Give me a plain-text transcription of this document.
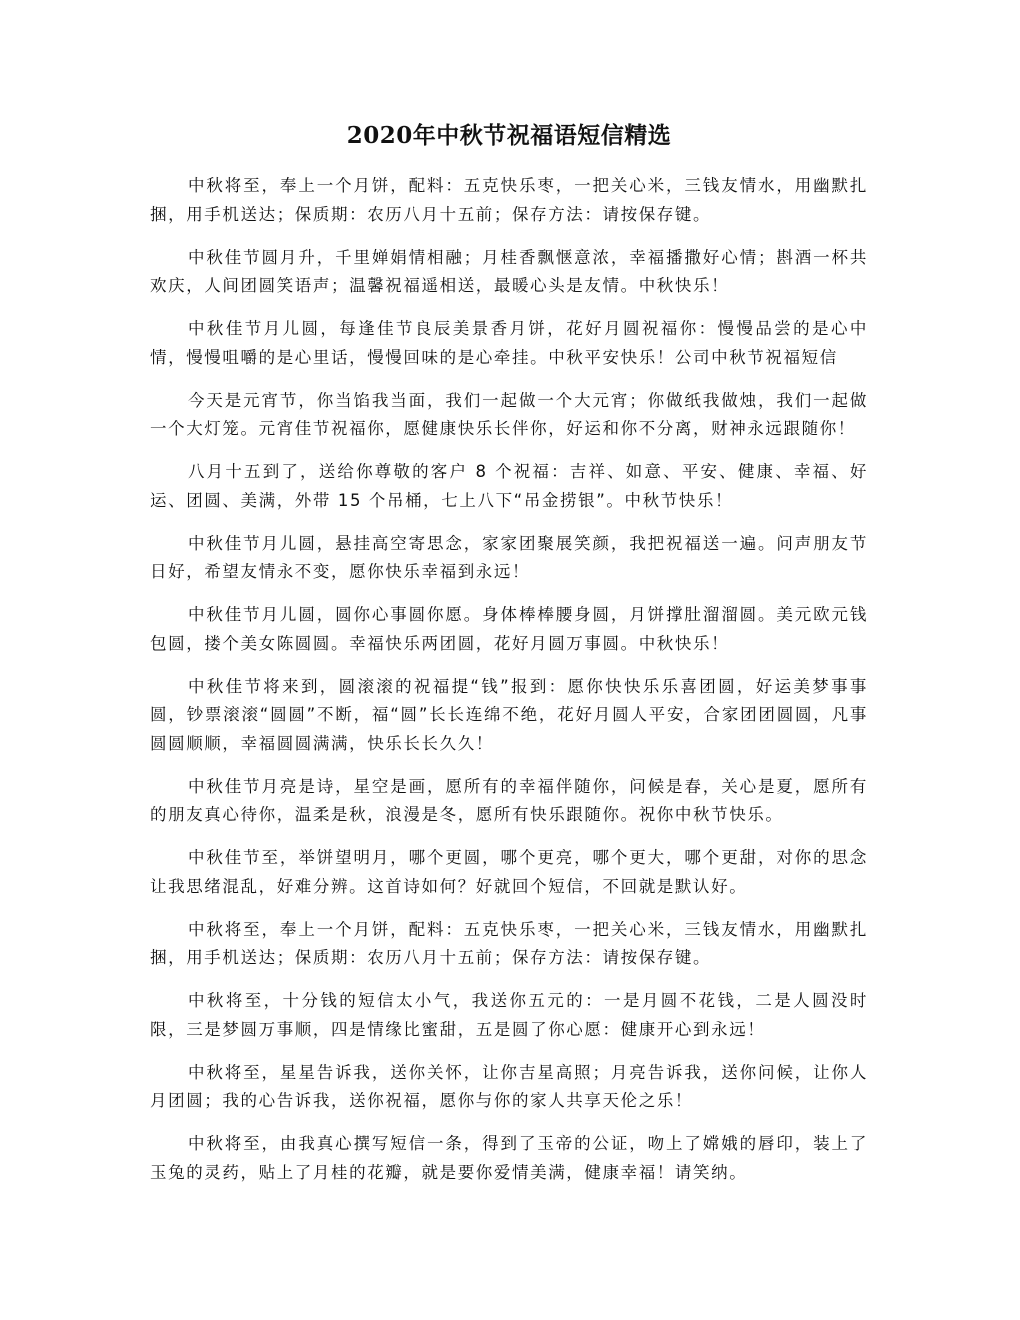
2020年中秋节祝福语短信精选

中秋将至，奉上一个月饼，配料：五克快乐枣，一把关心米，三钱友情水，用幽默扎捆，用手机送达；保质期：农历八月十五前；保存方法：请按保存键。

中秋佳节圆月升，千里婵娟情相融；月桂香飘惬意浓，幸福播撒好心情；斟酒一杯共欢庆，人间团圆笑语声；温馨祝福遥相送，最暖心头是友情。中秋快乐！

中秋佳节月儿圆，每逢佳节良辰美景香月饼，花好月圆祝福你：慢慢品尝的是心中情，慢慢咀嚼的是心里话，慢慢回味的是心牵挂。中秋平安快乐！公司中秋节祝福短信

今天是元宵节，你当馅我当面，我们一起做一个大元宵；你做纸我做烛，我们一起做一个大灯笼。元宵佳节祝福你，愿健康快乐长伴你，好运和你不分离，财神永远跟随你！

八月十五到了，送给你尊敬的客户 8 个祝福：吉祥、如意、平安、健康、幸福、好运、团圆、美满，外带 15 个吊桶，七上八下“吊金捞银”。中秋节快乐！

中秋佳节月儿圆，悬挂高空寄思念，家家团聚展笑颜，我把祝福送一遍。问声朋友节日好，希望友情永不变，愿你快乐幸福到永远！

中秋佳节月儿圆，圆你心事圆你愿。身体棒棒腰身圆，月饼撑肚溜溜圆。美元欧元钱包圆，搂个美女陈圆圆。幸福快乐两团圆，花好月圆万事圆。中秋快乐！

中秋佳节将来到，圆滚滚的祝福提“钱”报到：愿你快快乐乐喜团圆，好运美梦事事圆，钞票滚滚“圆圆”不断，福“圆”长长连绵不绝，花好月圆人平安，合家团团圆圆，凡事圆圆顺顺，幸福圆圆满满，快乐长长久久！

中秋佳节月亮是诗，星空是画，愿所有的幸福伴随你，问候是春，关心是夏，愿所有的朋友真心待你，温柔是秋，浪漫是冬，愿所有快乐跟随你。祝你中秋节快乐。

中秋佳节至，举饼望明月，哪个更圆，哪个更亮，哪个更大，哪个更甜，对你的思念让我思绪混乱，好难分辨。这首诗如何？好就回个短信，不回就是默认好。

中秋将至，奉上一个月饼，配料：五克快乐枣，一把关心米，三钱友情水，用幽默扎捆，用手机送达；保质期：农历八月十五前；保存方法：请按保存键。

中秋将至，十分钱的短信太小气，我送你五元的：一是月圆不花钱，二是人圆没时限，三是梦圆万事顺，四是情缘比蜜甜，五是圆了你心愿：健康开心到永远！

中秋将至，星星告诉我，送你关怀，让你吉星高照；月亮告诉我，送你问候，让你人月团圆；我的心告诉我，送你祝福，愿你与你的家人共享天伦之乐！

中秋将至，由我真心撰写短信一条，得到了玉帝的公证，吻上了嫦娥的唇印，装上了玉兔的灵药，贴上了月桂的花瓣，就是要你爱情美满，健康幸福！请笑纳。
